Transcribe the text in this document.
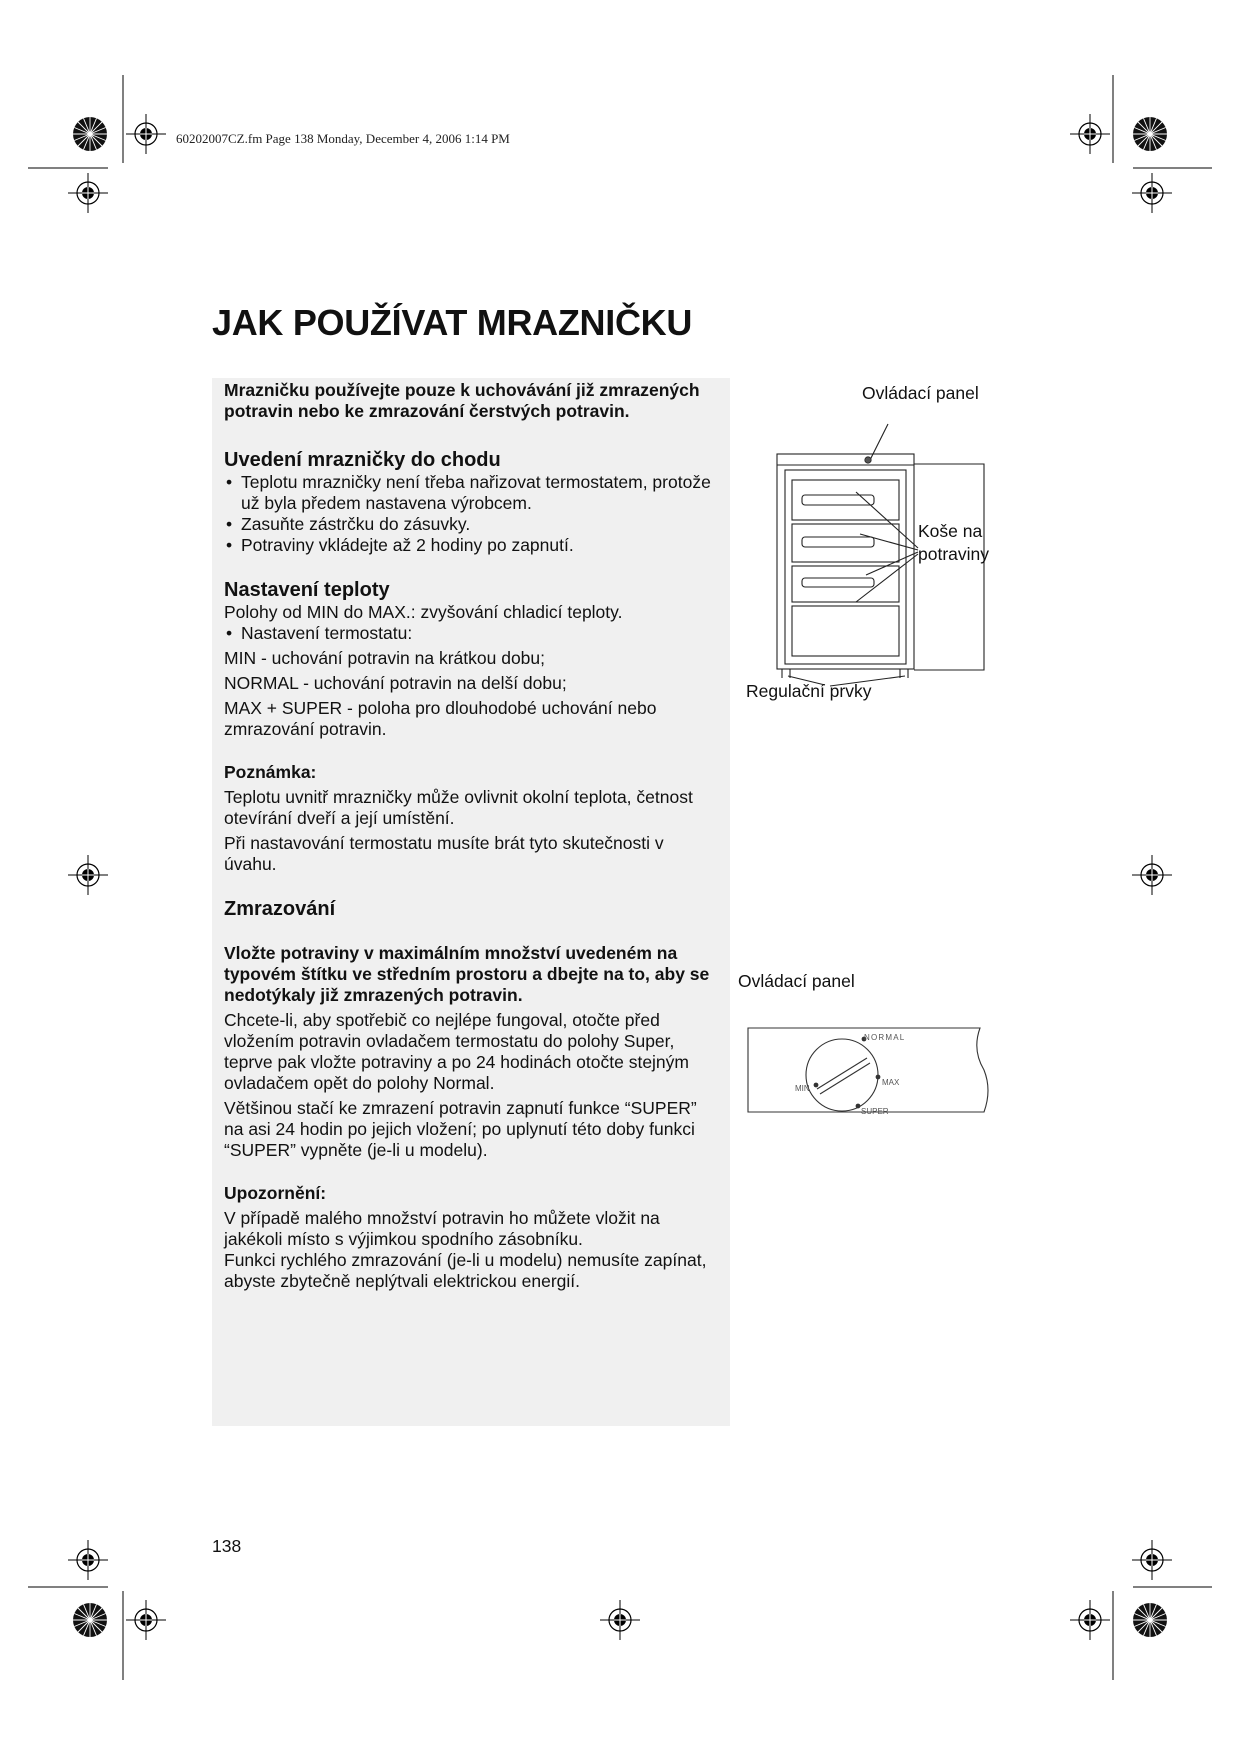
60202007CZ.fm Page 138 Monday, December 4, 2006 1:14 PM
JAK POUŽÍVAT MRAZNIČKU

Mrazničku používejte pouze k uchovávání již zmrazených potravin nebo ke zmrazování čerstvých potravin.

Uvedení mrazničky do chodu
• Teplotu mrazničky není třeba nařizovat termostatem, protože už byla předem nastavena výrobcem.
• Zasuňte zástrčku do zásuvky.
• Potraviny vkládejte až 2 hodiny po zapnutí.
Nastavení teploty

Polohy od MIN do MAX.: zvyšování chladicí teploty.

• Nastavení termostatu:

MIN - uchování potravin na krátkou dobu;

NORMAL - uchování potravin na delší dobu;

MAX + SUPER - poloha pro dlouhodobé uchování nebo zmrazování potravin.

Poznámka:

Teplotu uvnitř mrazničky může ovlivnit okolní teplota, četnost otevírání dveří a její umístění.

Při nastavování termostatu musíte brát tyto skutečnosti v úvahu.

Zmrazování

Vložte potraviny v maximálním množství uvedeném na typovém štítku ve středním prostoru a dbejte na to, aby se nedotýkaly již zmrazených potravin.

Chcete-li, aby spotřebič co nejlépe fungoval, otočte před vložením potravin ovladačem termostatu do polohy Super, teprve pak vložte potraviny a po 24 hodinách otočte stejným ovladačem opět do polohy Normal.

Většinou stačí ke zmrazení potravin zapnutí funkce “SUPER” na asi 24 hodin po jejich vložení; po uplynutí této doby funkci “SUPER” vypněte (je-li u modelu).

Upozornění:

V případě malého množství potravin ho můžete vložit na jakékoli místo s výjimkou spodního zásobníku.

Funkci rychlého zmrazování (je-li u modelu) nemusíte zapínat, abyste zbytečně neplýtvali elektrickou energií.

Ovládací panel
Koše na potraviny
Regulační prvky
Ovládací panel
NORMAL
MAX
MIN
SUPER
138
